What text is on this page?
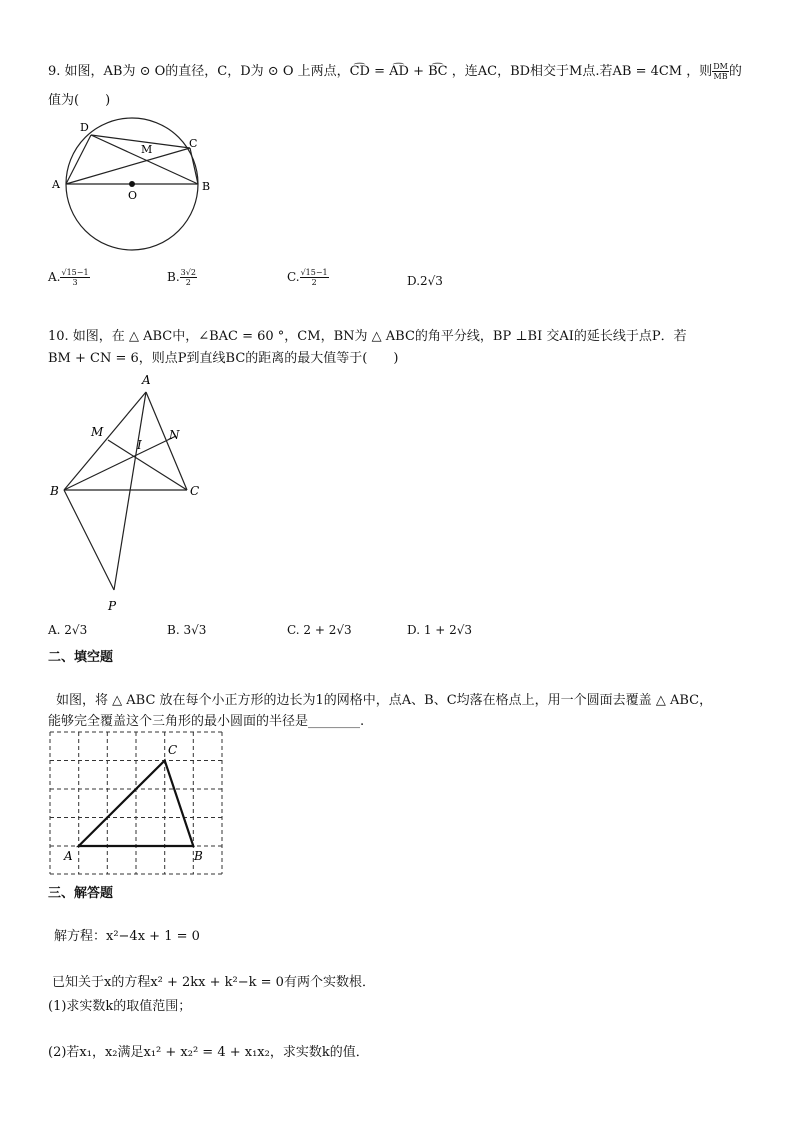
9. 如图，AB为 ⊙ O的直径，C，D为 ⊙ O 上两点，C͡D = A͡D + B͡C ，连AC，BD相交于M点.若AB = 4CM ，则 $\frac{DM}{MB}$ 的
值为(　　)
D
C
M
A	B
O
A. $\frac{√15-1}{3}$	B. $\frac{3√2}{2}$	C. $\frac{√15-1}{2}$	D.2√3
10. 如图，在 △ ABC中，∠BAC = 60 °，CM，BN为 △ ABC的角平分线，BP ⊥BI 交AI的延长线于点P．若
BM + CN = 6，则点P到直线BC的距离的最大值等于(　　)
A
M
I
N
B	C
P
A. 2√3	B. 3√3	C. 2 + 2√3	D. 1 + 2√3
二、填空题
如图，将 △ ABC 放在每个小正方形的边长为1的网格中，点A、B、C均落在格点上，用一个圆面去覆盖 △ ABC，
能够完全覆盖这个三角形的最小圆面的半径是________.
A	B
C
三、解答题
解方程：x²−4x + 1 = 0
已知关于x的方程x² + 2kx + k²−k = 0有两个实数根．
(1)求实数k的取值范围；
(2)若x₁，x₂满足x₁² + x₂² = 4 + x₁x₂，求实数k的值．
